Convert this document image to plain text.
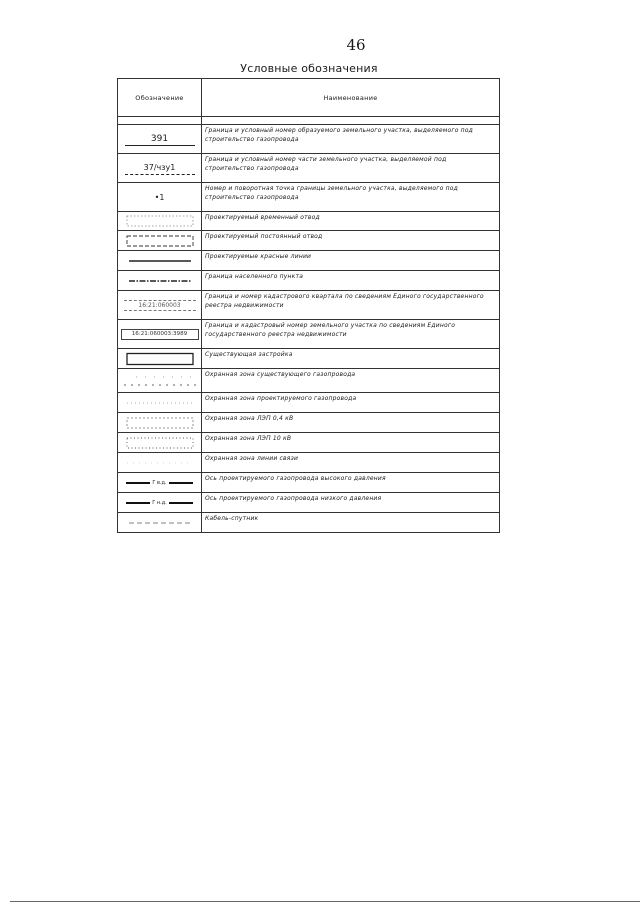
46
Условные обозначения
Обозначение	Наименование

391	Граница и условный номер образуемого земельного участка, выделяемого под строительство газопровода

37/чзу1	Граница и условный номер части земельного участка, выделяемой под строительство газопровода
•1	Номер и поворотная точка границы земельного участка, выделяемого под строительство газопровода

	Проектируемый временный отвод

	Проектируемый постоянный отвод

	Проектируемые красные линии

	Граница населенного пункта

16:21:060003	Граница и номер кадастрового квартала по сведениям Единого государственного реестра недвижимости

16:21:060003:3989	Граница и кадастровый номер земельного участка по сведениям Единого государственного реестра недвижимости

	Существующая застройка

	Охранная зона существующего газопровода

	Охранная зона проектируемого газопровода

	Охранная зона ЛЭП 0,4 кВ

	Охранная зона ЛЭП 10 кВ

	Охранная зона линии связи

Г в.д.	Ось проектируемого газопровода высокого давления

Г н.д.	Ось проектируемого газопровода низкого давления

	Кабель-спутник
